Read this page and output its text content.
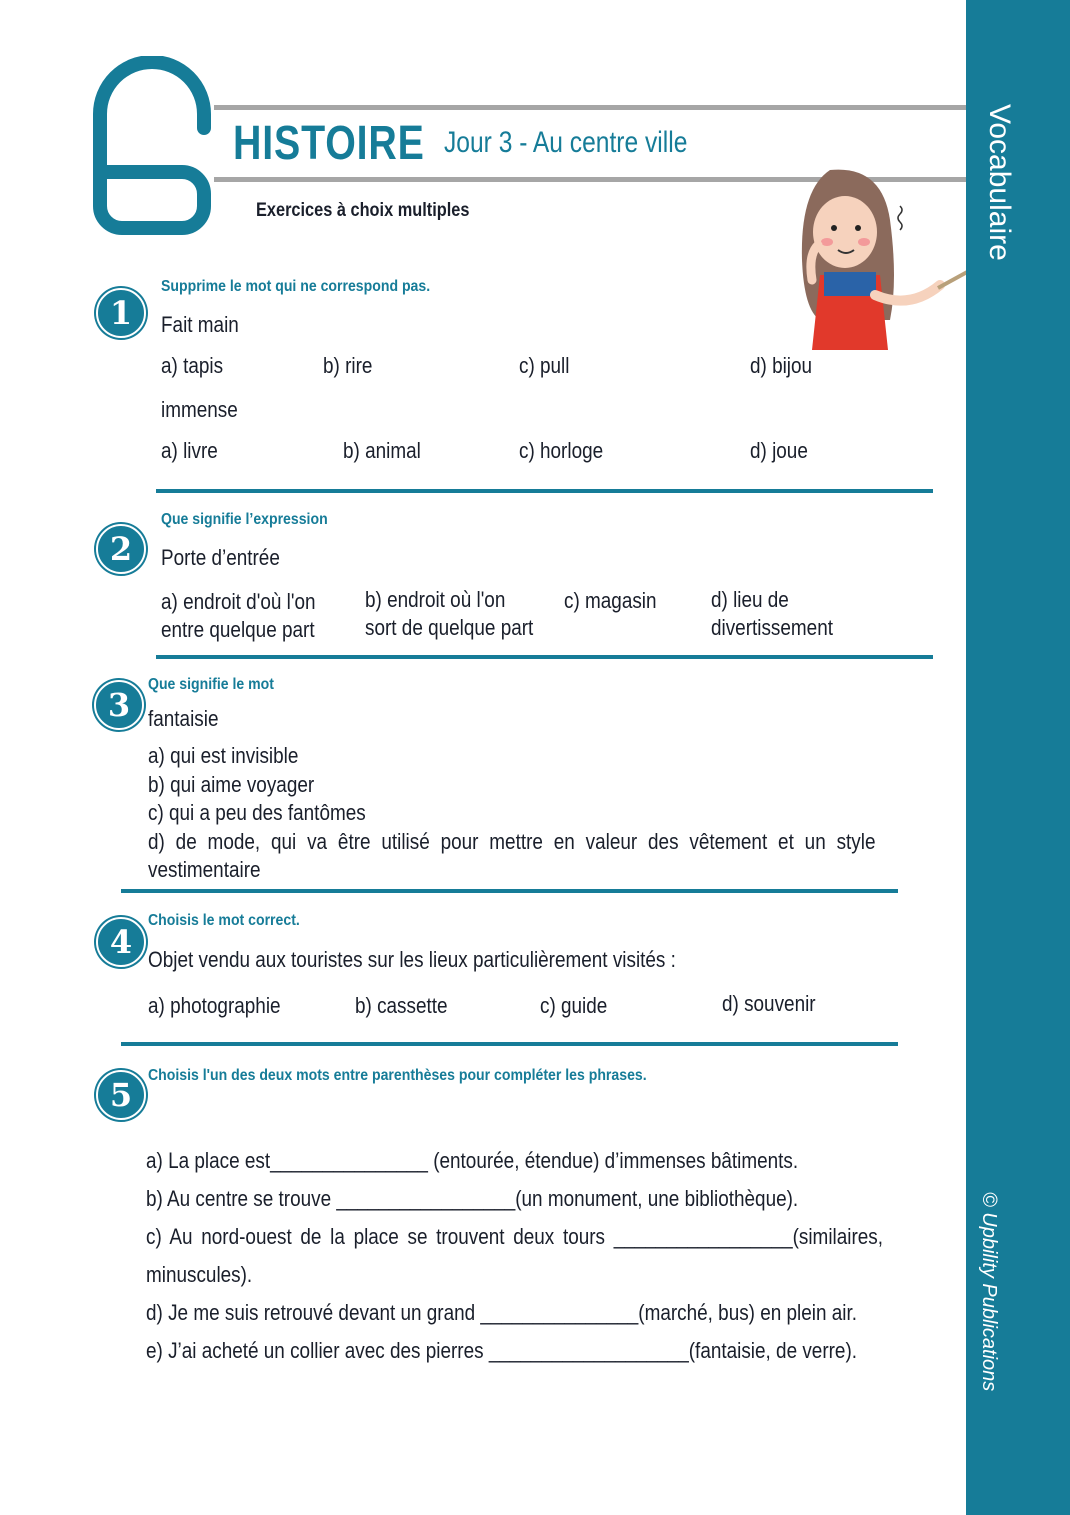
Vocabulaire
© Upbility Publications
HISTOIRE Jour 3 - Au centre ville
Exercices à choix multiples
1
Supprime le mot qui ne correspond pas.
Fait main
a) tapis	b) rire	c) pull	d) bijou
immense
a) livre	b) animal	c) horloge	d) joue
2
Que signifie l’expression
Porte d’entrée
a) endroit d'où l'on
entre quelque part
b) endroit où l'on
sort de quelque part
c) magasin d) lieu de
divertissement
3
Que signifie le mot
fantaisie
a) qui est invisible
b) qui aime voyager
c) qui a peu des fantômes
d) de mode, qui va être utilisé pour mettre en valeur des vêtement et un style
vestimentaire
4
Choisis le mot correct.
Objet vendu aux touristes sur les lieux particulièrement visités :
a) photographie	b) cassette	c) guide	d) souvenir
5
Choisis l'un des deux mots entre parenthèses pour compléter les phrases.
a) La place est_______________ (entourée, étendue) d’immenses bâtiments.
b) Au centre se trouve _________________(un monument, une bibliothèque).
c) Au nord-ouest de la place se trouvent deux tours _________________(similaires,
minuscules).
d) Je me suis retrouvé devant un grand _______________(marché, bus) en plein air.
e) J’ai acheté un collier avec des pierres ___________________(fantaisie, de verre).
